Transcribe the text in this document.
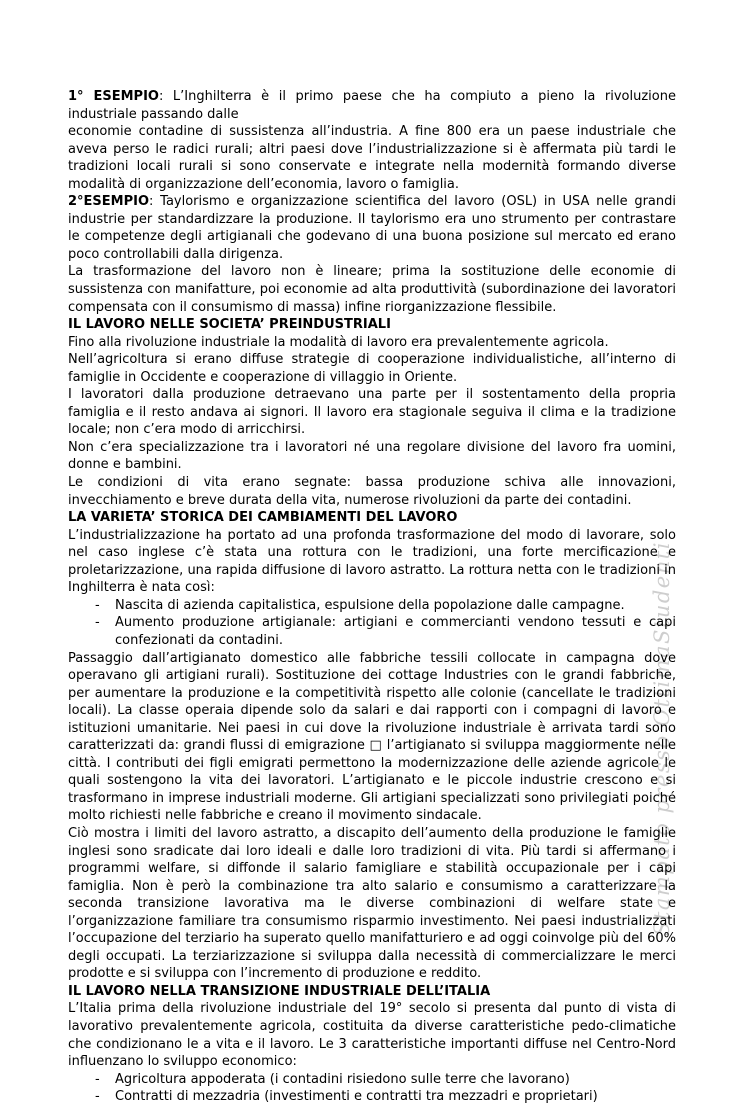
Stampato presso OttimaStudenti

1° ESEMPIO: L’Inghilterra è il primo paese che ha compiuto a pieno la rivoluzione industriale passando dalle

economie contadine di sussistenza all’industria. A fine 800 era un paese industriale che aveva perso le radici rurali; altri paesi dove l’industrializzazione si è affermata più tardi le tradizioni locali rurali si sono conservate e integrate nella modernità formando diverse modalità di organizzazione dell’economia, lavoro o famiglia.

2°ESEMPIO: Taylorismo e organizzazione scientifica del lavoro (OSL) in USA nelle grandi industrie per standardizzare la produzione. Il taylorismo era uno strumento per contrastare le competenze degli artigianali che godevano di una buona posizione sul mercato ed erano poco controllabili dalla dirigenza.

La trasformazione del lavoro non è lineare; prima la sostituzione delle economie di sussistenza con manifatture, poi economie ad alta produttività (subordinazione dei lavoratori compensata con il consumismo di massa) infine riorganizzazione flessibile.

IL LAVORO NELLE SOCIETA’ PREINDUSTRIALI

Fino alla rivoluzione industriale la modalità di lavoro era prevalentemente agricola.

Nell’agricoltura si erano diffuse strategie di cooperazione individualistiche, all’interno di famiglie in Occidente e cooperazione di villaggio in Oriente.

I lavoratori dalla produzione detraevano una parte per il sostentamento della propria famiglia e il resto andava ai signori. Il lavoro era stagionale seguiva il clima e la tradizione locale; non c’era modo di arricchirsi.

Non c’era specializzazione tra i lavoratori né una regolare divisione del lavoro fra uomini, donne e bambini.

Le condizioni di vita erano segnate: bassa produzione schiva alle innovazioni, invecchiamento e breve durata della vita, numerose rivoluzioni da parte dei contadini.

LA VARIETA’ STORICA DEI CAMBIAMENTI DEL LAVORO

L’industrializzazione ha portato ad una profonda trasformazione del modo di lavorare, solo nel caso inglese c’è stata una rottura con le tradizioni, una forte mercificazione e proletarizzazione, una rapida diffusione di lavoro astratto. La rottura netta con le tradizioni in Inghilterra è nata così:

- Nascita di azienda capitalistica, espulsione della popolazione dalle campagne.
- Aumento produzione artigianale: artigiani e commercianti vendono tessuti e capi confezionati da contadini.

Passaggio dall’artigianato domestico alle fabbriche tessili collocate in campagna dove operavano gli artigiani rurali). Sostituzione dei cottage Industries con le grandi fabbriche, per aumentare la produzione e la competitività rispetto alle colonie (cancellate le tradizioni locali). La classe operaia dipende solo da salari e dai rapporti con i compagni di lavoro e istituzioni umanitarie. Nei paesi in cui dove la rivoluzione industriale è arrivata tardi sono caratterizzati da: grandi flussi di emigrazione □ l’artigianato si sviluppa maggiormente nelle città. I contributi dei figli emigrati permettono la modernizzazione delle aziende agricole le quali sostengono la vita dei lavoratori. L’artigianato e le piccole industrie crescono e si trasformano in imprese industriali moderne. Gli artigiani specializzati sono privilegiati poiché molto richiesti nelle fabbriche e creano il movimento sindacale.

Ciò mostra i limiti del lavoro astratto, a discapito dell’aumento della produzione le famiglie inglesi sono sradicate dai loro ideali e dalle loro tradizioni di vita. Più tardi si affermano i programmi welfare, si diffonde il salario famigliare e stabilità occupazionale per i capi famiglia. Non è però la combinazione tra alto salario e consumismo a caratterizzare la seconda transizione lavorativa ma le diverse combinazioni di welfare state e l’organizzazione familiare tra consumismo risparmio investimento. Nei paesi industrializzati l’occupazione del terziario ha superato quello manifatturiero e ad oggi coinvolge più del 60% degli occupati. La terziarizzazione si sviluppa dalla necessità di commercializzare le merci prodotte e si sviluppa con l’incremento di produzione e reddito.

IL LAVORO NELLA TRANSIZIONE INDUSTRIALE DELL’ITALIA

L’Italia prima della rivoluzione industriale del 19° secolo si presenta dal punto di vista di lavorativo prevalentemente agricola, costituita da diverse caratteristiche pedo-climatiche che condizionano le a vita e il lavoro. Le 3 caratteristiche importanti diffuse nel Centro-Nord influenzano lo sviluppo economico:

- Agricoltura appoderata (i contadini risiedono sulle terre che lavorano)
- Contratti di mezzadria (investimenti e contratti tra mezzadri e proprietari)
